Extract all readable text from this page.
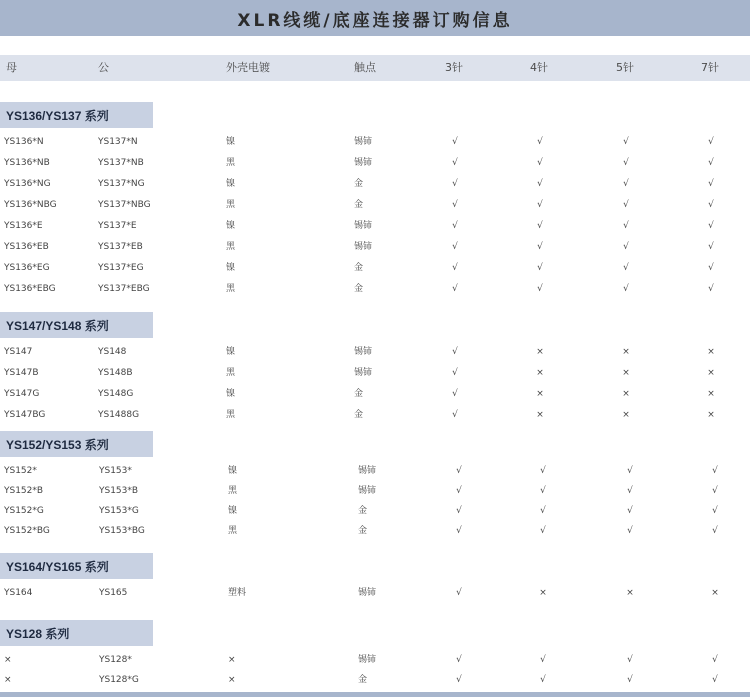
XLR线缆/底座连接器订购信息
母	公	外壳电镀	触点	3针	4针	5针	7针
YS136/YS137 系列
YS136*N	YS137*N	镍	锡铈	√	√	√	√
YS136*NB	YS137*NB	黑	锡铈	√	√	√	√
YS136*NG	YS137*NG	镍	金	√	√	√	√
YS136*NBG	YS137*NBG	黑	金	√	√	√	√
YS136*E	YS137*E	镍	锡铈	√	√	√	√
YS136*EB	YS137*EB	黑	锡铈	√	√	√	√
YS136*EG	YS137*EG	镍	金	√	√	√	√
YS136*EBG	YS137*EBG	黑	金	√	√	√	√
YS147/YS148 系列
YS147	YS148	镍	锡铈	√	×	×	×
YS147B	YS148B	黑	锡铈	√	×	×	×
YS147G	YS148G	镍	金	√	×	×	×
YS147BG	YS1488G	黑	金	√	×	×	×
YS152/YS153 系列
YS152*	YS153*	镍	锡铈	√	√	√	√
YS152*B	YS153*B	黑	锡铈	√	√	√	√
YS152*G	YS153*G	镍	金	√	√	√	√
YS152*BG	YS153*BG	黑	金	√	√	√	√
YS164/YS165 系列
YS164	YS165	塑料	锡铈	√	×	×	×
YS128 系列
×	YS128*	×	锡铈	√	√	√	√
×	YS128*G	×	金	√	√	√	√
